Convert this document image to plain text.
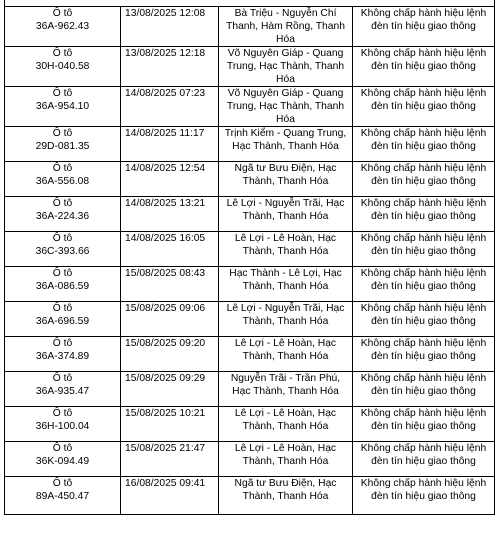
Ô tô
36A-962.43	13/08/2025 12:08	Bà Triệu - Nguyễn Chí Thanh, Hàm Rồng, Thanh Hóa	Không chấp hành hiệu lệnh đèn tín hiệu giao thông

Ô tô
30H-040.58	13/08/2025 12:18	Võ Nguyên Giáp - Quang Trung, Hạc Thành, Thanh Hóa	Không chấp hành hiệu lệnh đèn tín hiệu giao thông

Ô tô
36A-954.10	14/08/2025 07:23	Võ Nguyên Giáp - Quang Trung, Hạc Thành, Thanh Hóa	Không chấp hành hiệu lệnh đèn tín hiệu giao thông

Ô tô
29D-081.35	14/08/2025 11:17	Trịnh Kiểm - Quang Trung, Hạc Thành, Thanh Hóa	Không chấp hành hiệu lệnh đèn tín hiệu giao thông

Ô tô
36A-556.08	14/08/2025 12:54	Ngã tư Bưu Điện, Hạc Thành, Thanh Hóa	Không chấp hành hiệu lệnh đèn tín hiệu giao thông

Ô tô
36A-224.36	14/08/2025 13:21	Lê Lợi - Nguyễn Trãi, Hạc Thành, Thanh Hóa	Không chấp hành hiệu lệnh đèn tín hiệu giao thông

Ô tô
36C-393.66	14/08/2025 16:05	Lê Lợi - Lê Hoàn, Hạc Thành, Thanh Hóa	Không chấp hành hiệu lệnh đèn tín hiệu giao thông

Ô tô
36A-086.59	15/08/2025 08:43	Hạc Thành - Lê Lợi, Hạc Thành, Thanh Hóa	Không chấp hành hiệu lệnh đèn tín hiệu giao thông

Ô tô
36A-696.59	15/08/2025 09:06	Lê Lợi - Nguyễn Trãi, Hạc Thành, Thanh Hóa	Không chấp hành hiệu lệnh đèn tín hiệu giao thông

Ô tô
36A-374.89	15/08/2025 09:20	Lê Lợi - Lê Hoàn, Hạc Thành, Thanh Hóa	Không chấp hành hiệu lệnh đèn tín hiệu giao thông

Ô tô
36A-935.47	15/08/2025 09:29	Nguyễn Trãi - Trần Phú, Hạc Thành, Thanh Hóa	Không chấp hành hiệu lệnh đèn tín hiệu giao thông

Ô tô
36H-100.04	15/08/2025 10:21	Lê Lợi - Lê Hoàn, Hạc Thành, Thanh Hóa	Không chấp hành hiệu lệnh đèn tín hiệu giao thông

Ô tô
36K-094.49	15/08/2025 21:47	Lê Lợi - Lê Hoàn, Hạc Thành, Thanh Hóa	Không chấp hành hiệu lệnh đèn tín hiệu giao thông

Ô tô
89A-450.47	16/08/2025 09:41	Ngã tư Bưu Điện, Hạc Thành, Thanh Hóa	Không chấp hành hiệu lệnh đèn tín hiệu giao thông
